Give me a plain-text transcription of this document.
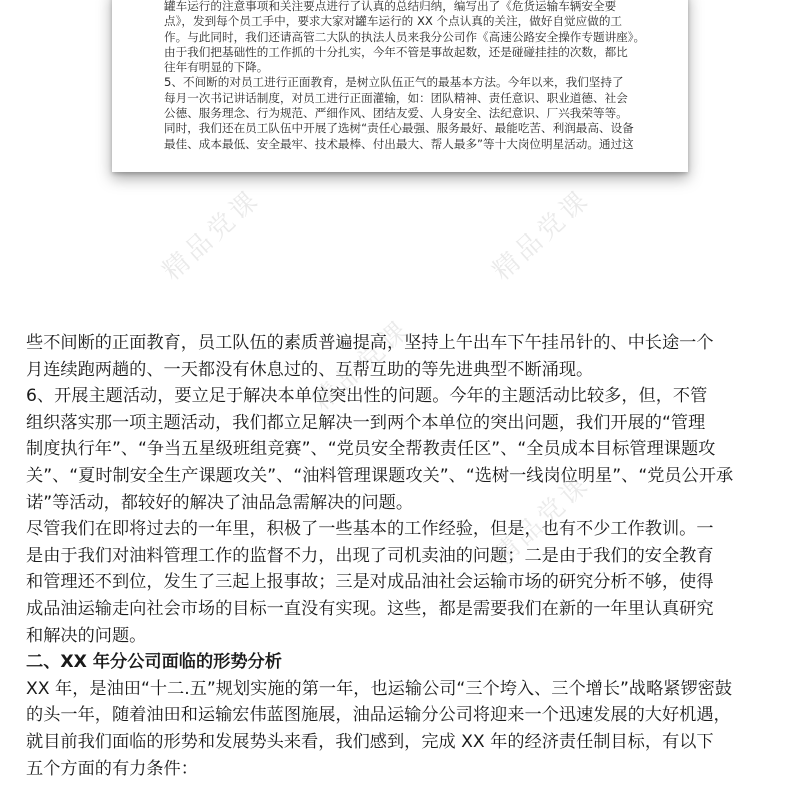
罐车运行的注意事项和关注要点进行了认真的总结归纳，编写出了《危货运输车辆安全要

点》，发到每个员工手中，要求大家对罐车运行的 XX 个点认真的关注，做好自觉应做的工

作。与此同时，我们还请高管二大队的执法人员来我分公司作《高速公路安全操作专题讲座》。

由于我们把基础性的工作抓的十分扎实，今年不管是事故起数，还是碰碰挂挂的次数，都比

往年有明显的下降。

5、不间断的对员工进行正面教育，是树立队伍正气的最基本方法。今年以来，我们坚持了

每月一次书记讲话制度，对员工进行正面灌输，如：团队精神、责任意识、职业道德、社会

公德、服务理念、行为规范、严细作风、团结友爱、人身安全、法纪意识、厂兴我荣等等。

同时，我们还在员工队伍中开展了选树“责任心最强、服务最好、最能吃苦、利润最高、设备

最佳、成本最低、安全最牢、技术最棒、付出最大、帮人最多”等十大岗位明星活动。通过这

精品党课	精品党课
精品党课
精品党课

些不间断的正面教育，员工队伍的素质普遍提高，坚持上午出车下午挂吊针的、中长途一个

月连续跑两趟的、一天都没有休息过的、互帮互助的等先进典型不断涌现。

6、开展主题活动，要立足于解决本单位突出性的问题。今年的主题活动比较多，但，不管

组织落实那一项主题活动，我们都立足解决一到两个本单位的突出问题，我们开展的“管理

制度执行年”、“争当五星级班组竞赛”、“党员安全帮教责任区”、“全员成本目标管理课题攻

关”、“夏时制安全生产课题攻关”、“油料管理课题攻关”、“选树一线岗位明星”、“党员公开承

诺”等活动，都较好的解决了油品急需解决的问题。

尽管我们在即将过去的一年里，积极了一些基本的工作经验，但是，也有不少工作教训。一

是由于我们对油料管理工作的监督不力，出现了司机卖油的问题；二是由于我们的安全教育

和管理还不到位，发生了三起上报事故；三是对成品油社会运输市场的研究分析不够，使得

成品油运输走向社会市场的目标一直没有实现。这些，都是需要我们在新的一年里认真研究

和解决的问题。

二、XX 年分公司面临的形势分析

XX 年，是油田“十二.五”规划实施的第一年，也运输公司“三个垮入、三个增长”战略紧锣密鼓

的头一年，随着油田和运输宏伟蓝图施展，油品运输分公司将迎来一个迅速发展的大好机遇，

就目前我们面临的形势和发展势头来看，我们感到，完成 XX 年的经济责任制目标，有以下

五个方面的有力条件：
